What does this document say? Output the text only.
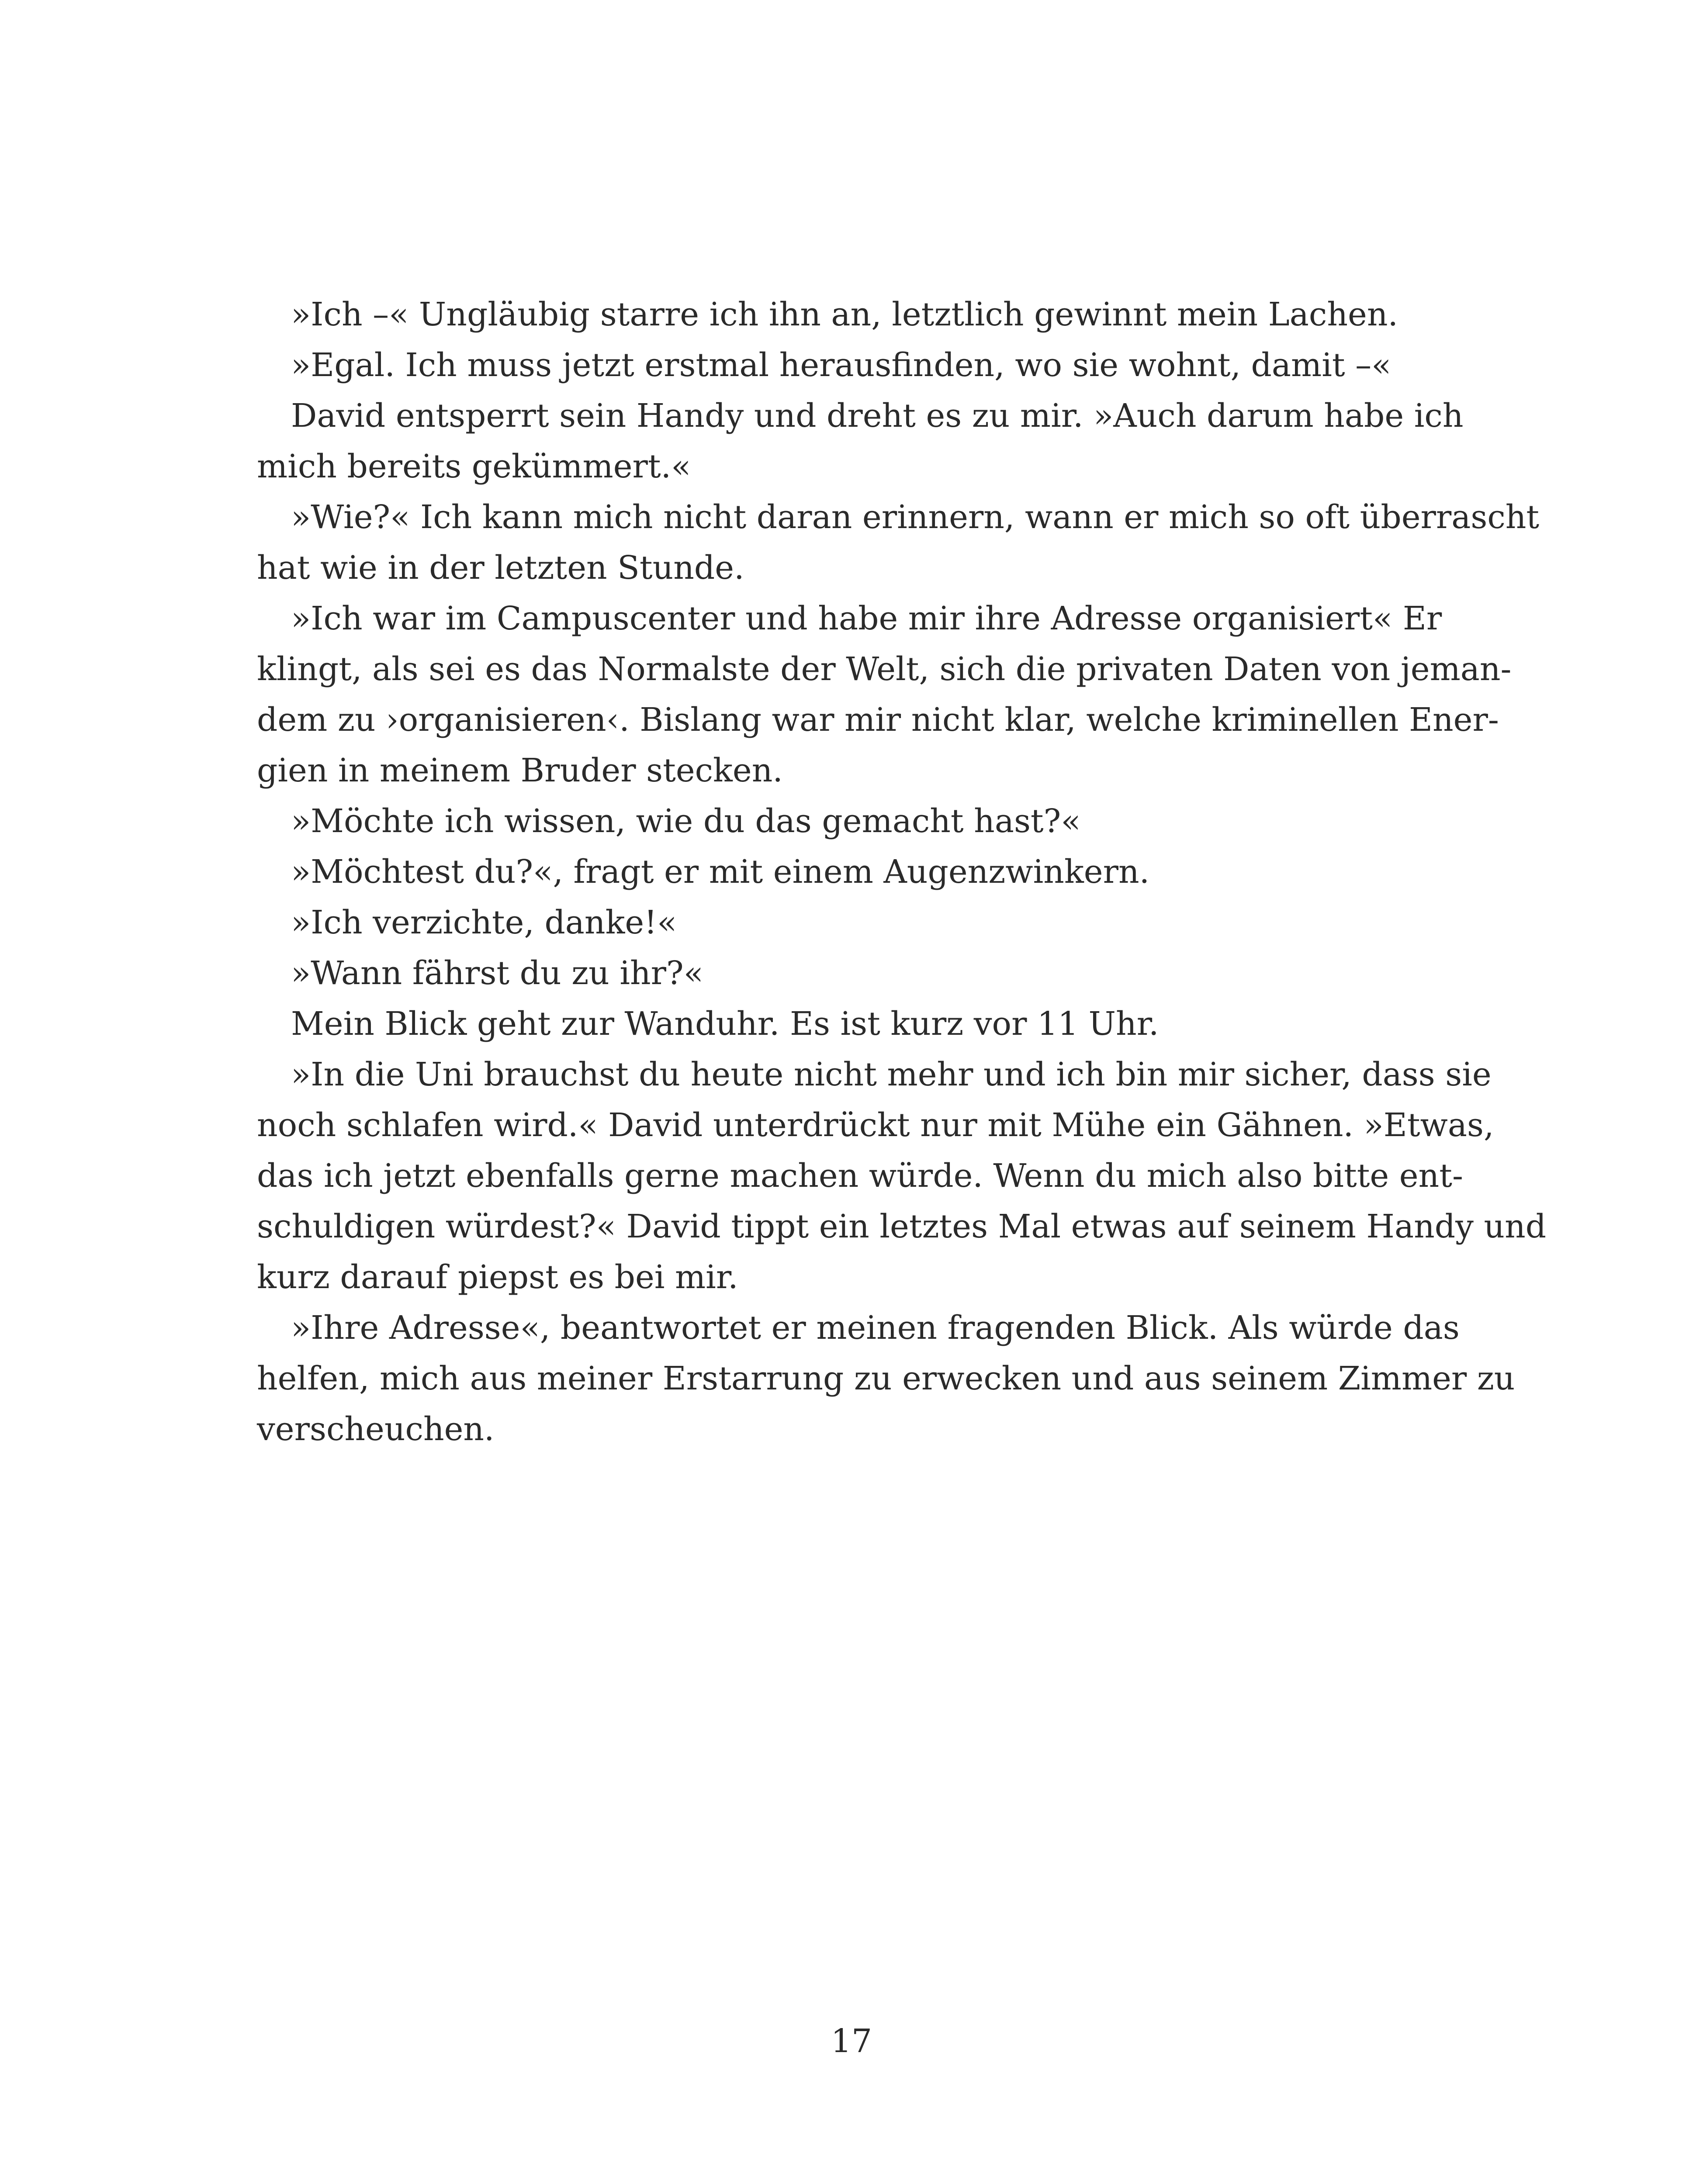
»Ich –« Ungläubig starre ich ihn an, letztlich gewinnt mein Lachen.
»Egal. Ich muss jetzt erstmal herausfinden, wo sie wohnt, damit –«
David entsperrt sein Handy und dreht es zu mir. »Auch darum habe ich
mich bereits gekümmert.«
»Wie?« Ich kann mich nicht daran erinnern, wann er mich so oft überrascht
hat wie in der letzten Stunde.
»Ich war im Campuscenter und habe mir ihre Adresse organisiert« Er
klingt, als sei es das Normalste der Welt, sich die privaten Daten von jeman-
dem zu ›organisieren‹. Bislang war mir nicht klar, welche kriminellen Ener-
gien in meinem Bruder stecken.
»Möchte ich wissen, wie du das gemacht hast?«
»Möchtest du?«, fragt er mit einem Augenzwinkern.
»Ich verzichte, danke!«
»Wann fährst du zu ihr?«
Mein Blick geht zur Wanduhr. Es ist kurz vor 11 Uhr.
»In die Uni brauchst du heute nicht mehr und ich bin mir sicher, dass sie
noch schlafen wird.« David unterdrückt nur mit Mühe ein Gähnen. »Etwas,
das ich jetzt ebenfalls gerne machen würde. Wenn du mich also bitte ent-
schuldigen würdest?« David tippt ein letztes Mal etwas auf seinem Handy und
kurz darauf piepst es bei mir.
»Ihre Adresse«, beantwortet er meinen fragenden Blick. Als würde das
helfen, mich aus meiner Erstarrung zu erwecken und aus seinem Zimmer zu
verscheuchen.
17
